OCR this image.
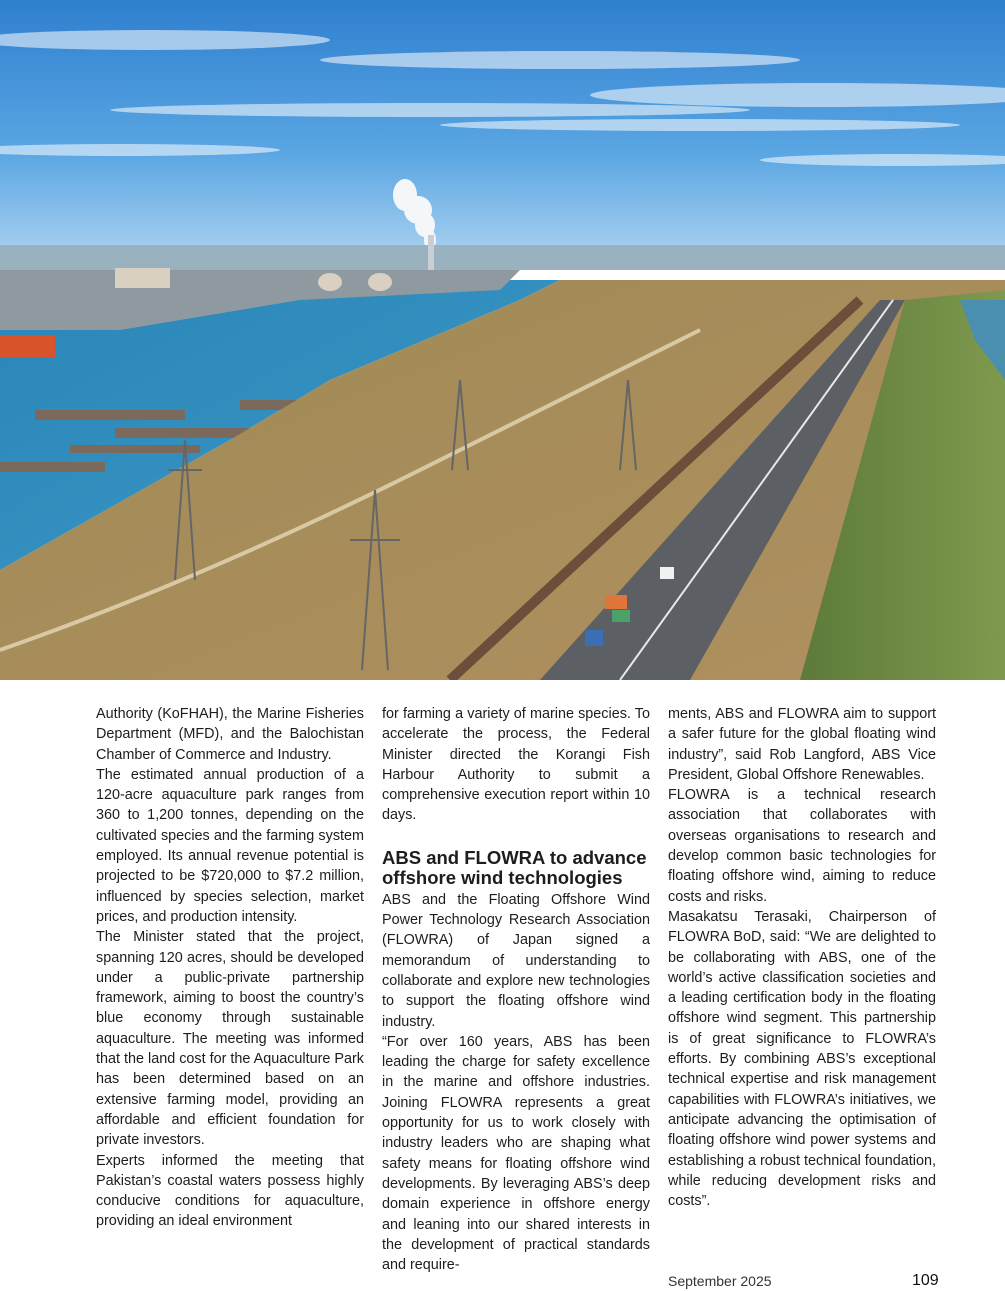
Authority (KoFHAH), the Marine Fisheries Department (MFD), and the Balochistan Chamber of Commerce and Industry.

The estimated annual production of a 120-acre aquaculture park ranges from 360 to 1,200 tonnes, depending on the cultivated species and the farming system employed. Its annual revenue potential is projected to be $720,000 to $7.2 million, influenced by species selection, market prices, and production intensity.

The Minister stated that the project, spanning 120 acres, should be developed under a public-private partnership framework, aiming to boost the country’s blue economy through sustainable aquaculture. The meeting was informed that the land cost for the Aquaculture Park has been determined based on an extensive farming model, providing an affordable and efficient foundation for private investors.

Experts informed the meeting that Pakistan’s coastal waters possess highly conducive conditions for aquaculture, providing an ideal environment

for farming a variety of marine species. To accelerate the process, the Federal Minister directed the Korangi Fish Harbour Authority to submit a comprehensive execution report within 10 days.

ABS and FLOWRA to advance offshore wind technologies

ABS and the Floating Offshore Wind Power Technology Research Association (FLOWRA) of Japan signed a memorandum of understanding to collaborate and explore new technologies to support the floating offshore wind industry.

“For over 160 years, ABS has been leading the charge for safety excellence in the marine and offshore industries. Joining FLOWRA represents a great opportunity for us to work closely with industry leaders who are shaping what safety means for floating offshore wind developments. By leveraging ABS’s deep domain experience in offshore energy and leaning into our shared interests in the development of practical standards and require-

ments, ABS and FLOWRA aim to support a safer future for the global floating wind industry”, said Rob Langford, ABS Vice President, Global Offshore Renewables.

FLOWRA is a technical research association that collaborates with overseas organisations to research and develop common basic technologies for floating offshore wind, aiming to reduce costs and risks.

Masakatsu Terasaki, Chairperson of FLOWRA BoD, said: “We are delighted to be collaborating with ABS, one of the world’s active classification societies and a leading certification body in the floating offshore wind segment. This partnership is of great significance to FLOWRA’s efforts. By combining ABS’s exceptional technical expertise and risk management capabilities with FLOWRA’s initiatives, we anticipate advancing the optimisation of floating offshore wind power systems and establishing a robust technical foundation, while reducing development risks and costs”.

September 2025	109
